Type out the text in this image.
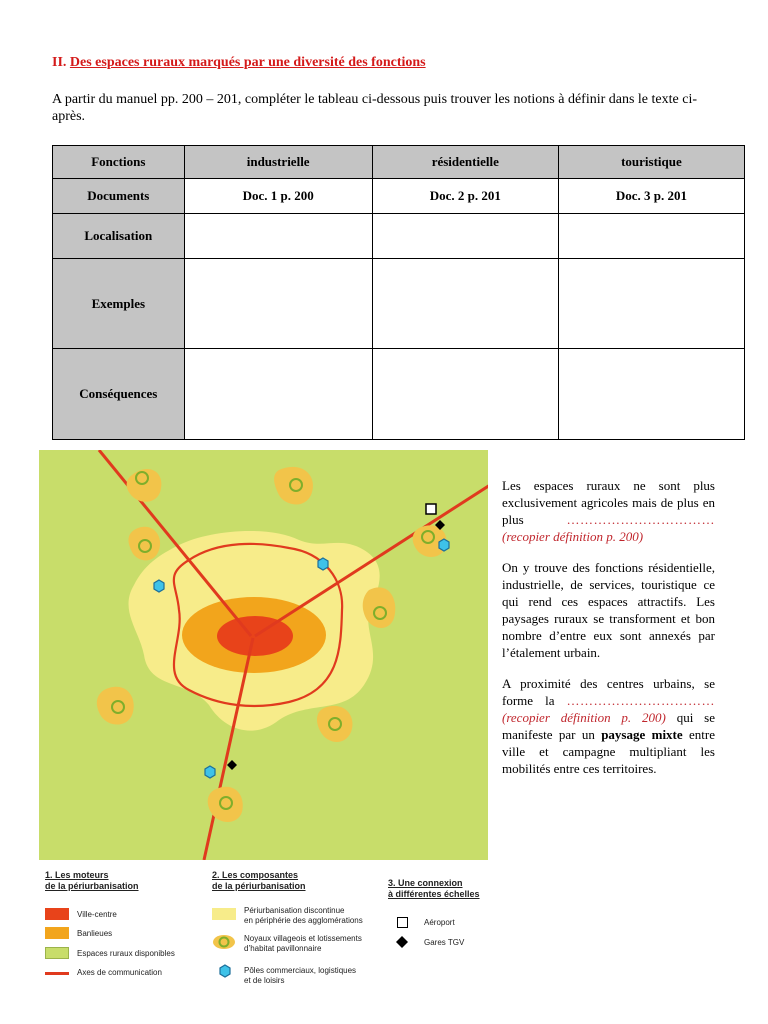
II. Des espaces ruraux marqués par une diversité des fonctions
A partir du manuel pp. 200 – 201, compléter le tableau ci-dessous puis trouver les notions à définir dans le texte ci-après.
Fonctions	industrielle	résidentielle	touristique
Documents	Doc. 1 p. 200	Doc. 2 p. 201	Doc. 3 p. 201
Localisation			
Exemples			
Conséquences			

Les espaces ruraux ne sont plus exclusivement agricoles mais de plus en plus	…………………………… (recopier définition p. 200)

On y trouve des fonctions résidentielle, industrielle, de services, touristique ce qui rend ces espaces attractifs. Les paysages ruraux se transforment et bon nombre d’entre eux sont annexés par l’étalement urbain.

A proximité des centres urbains, se forme la …………………………… (recopier définition p. 200) qui se manifeste par un paysage mixte entre ville et campagne multipliant les mobilités entre ces territoires.

1. Les moteurs
de la périurbanisation
Ville-centre
Banlieues
Espaces ruraux disponibles
Axes de communication
2. Les composantes
de la périurbanisation
Périurbanisation discontinue
en périphérie des agglomérations
Noyaux villageois et lotissements
d’habitat pavillonnaire
Pôles commerciaux, logistiques
et de loisirs
3. Une connexion
à différentes échelles
Aéroport
Gares TGV
